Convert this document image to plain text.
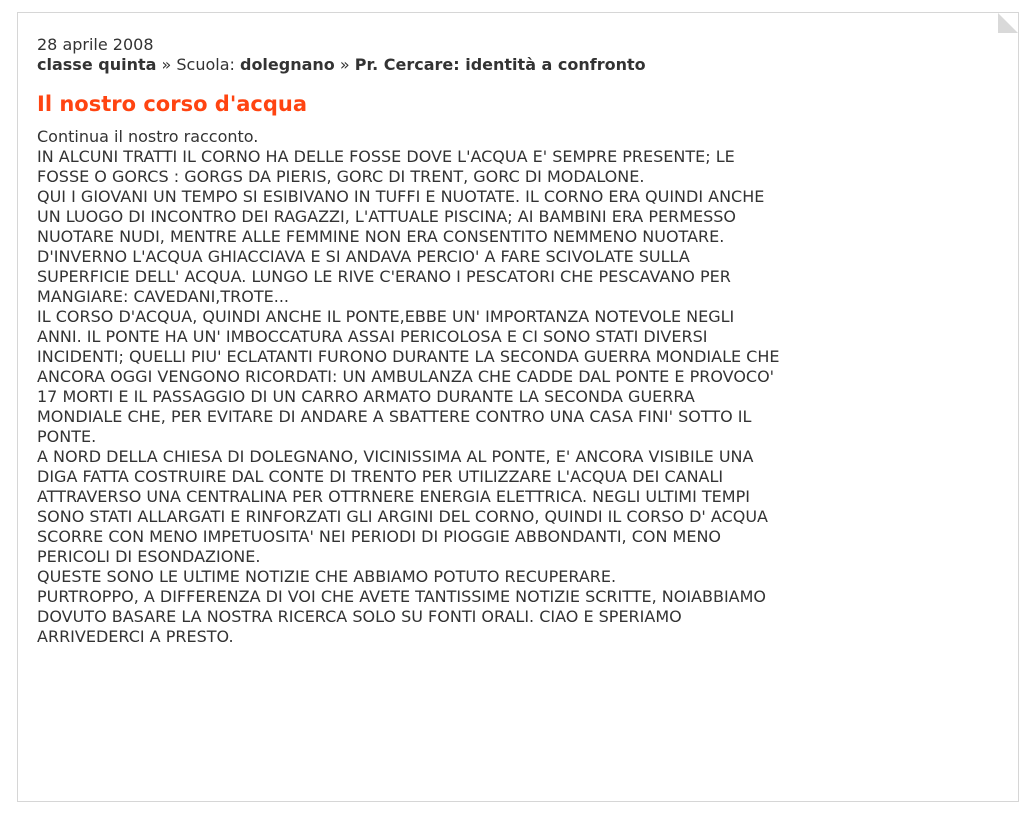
28 aprile 2008
classe quinta » Scuola: dolegnano » Pr. Cercare: identità a confronto
Il nostro corso d'acqua
Continua il nostro racconto.
IN ALCUNI TRATTI IL CORNO HA DELLE FOSSE DOVE L'ACQUA E' SEMPRE PRESENTE; LE
FOSSE O GORCS : GORGS DA PIERIS, GORC DI TRENT, GORC DI MODALONE.
QUI I GIOVANI UN TEMPO SI ESIBIVANO IN TUFFI E NUOTATE. IL CORNO ERA QUINDI ANCHE
UN LUOGO DI INCONTRO DEI RAGAZZI, L'ATTUALE PISCINA; AI BAMBINI ERA PERMESSO
NUOTARE NUDI, MENTRE ALLE FEMMINE NON ERA CONSENTITO NEMMENO NUOTARE.
D'INVERNO L'ACQUA GHIACCIAVA E SI ANDAVA PERCIO' A FARE SCIVOLATE SULLA
SUPERFICIE DELL' ACQUA. LUNGO LE RIVE C'ERANO I PESCATORI CHE PESCAVANO PER
MANGIARE: CAVEDANI,TROTE...
IL CORSO D'ACQUA, QUINDI ANCHE IL PONTE,EBBE UN' IMPORTANZA NOTEVOLE NEGLI
ANNI. IL PONTE HA UN' IMBOCCATURA ASSAI PERICOLOSA E CI SONO STATI DIVERSI
INCIDENTI; QUELLI PIU' ECLATANTI FURONO DURANTE LA SECONDA GUERRA MONDIALE CHE
ANCORA OGGI VENGONO RICORDATI: UN AMBULANZA CHE CADDE DAL PONTE E PROVOCO'
17 MORTI E IL PASSAGGIO DI UN CARRO ARMATO DURANTE LA SECONDA GUERRA
MONDIALE CHE, PER EVITARE DI ANDARE A SBATTERE CONTRO UNA CASA FINI' SOTTO IL
PONTE.
A NORD DELLA CHIESA DI DOLEGNANO, VICINISSIMA AL PONTE, E' ANCORA VISIBILE UNA
DIGA FATTA COSTRUIRE DAL CONTE DI TRENTO PER UTILIZZARE L'ACQUA DEI CANALI
ATTRAVERSO UNA CENTRALINA PER OTTRNERE ENERGIA ELETTRICA. NEGLI ULTIMI TEMPI
SONO STATI ALLARGATI E RINFORZATI GLI ARGINI DEL CORNO, QUINDI IL CORSO D' ACQUA
SCORRE CON MENO IMPETUOSITA' NEI PERIODI DI PIOGGIE ABBONDANTI, CON MENO
PERICOLI DI ESONDAZIONE.
QUESTE SONO LE ULTIME NOTIZIE CHE ABBIAMO POTUTO RECUPERARE.
PURTROPPO, A DIFFERENZA DI VOI CHE AVETE TANTISSIME NOTIZIE SCRITTE, NOIABBIAMO
DOVUTO BASARE LA NOSTRA RICERCA SOLO SU FONTI ORALI. CIAO E SPERIAMO
ARRIVEDERCI A PRESTO.
